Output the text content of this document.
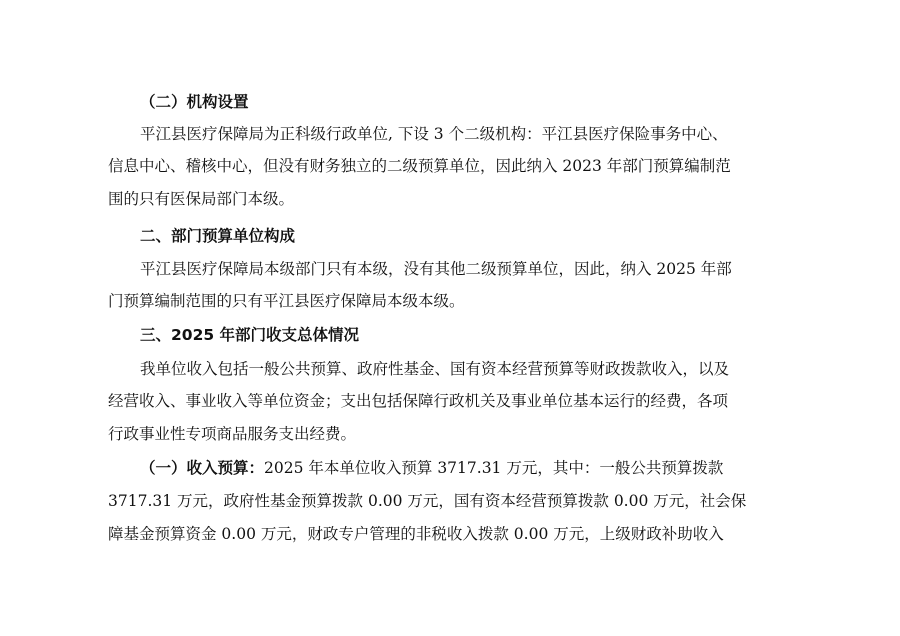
（二）机构设置
平江县医疗保障局为正科级行政单位, 下设 3 个二级机构：平江县医疗保险事务中心、
信息中心、稽核中心，但没有财务独立的二级预算单位，因此纳入 2023 年部门预算编制范
围的只有医保局部门本级。
二、部门预算单位构成
平江县医疗保障局本级部门只有本级，没有其他二级预算单位，因此，纳入 2025 年部
门预算编制范围的只有平江县医疗保障局本级本级。
三、2025 年部门收支总体情况
我单位收入包括一般公共预算、政府性基金、国有资本经营预算等财政拨款收入，以及
经营收入、事业收入等单位资金；支出包括保障行政机关及事业单位基本运行的经费，各项
行政事业性专项商品服务支出经费。
（一）收入预算：2025 年本单位收入预算 3717.31 万元，其中：一般公共预算拨款
3717.31 万元，政府性基金预算拨款 0.00 万元，国有资本经营预算拨款 0.00 万元，社会保
障基金预算资金 0.00 万元，财政专户管理的非税收入拨款 0.00 万元，上级财政补助收入
